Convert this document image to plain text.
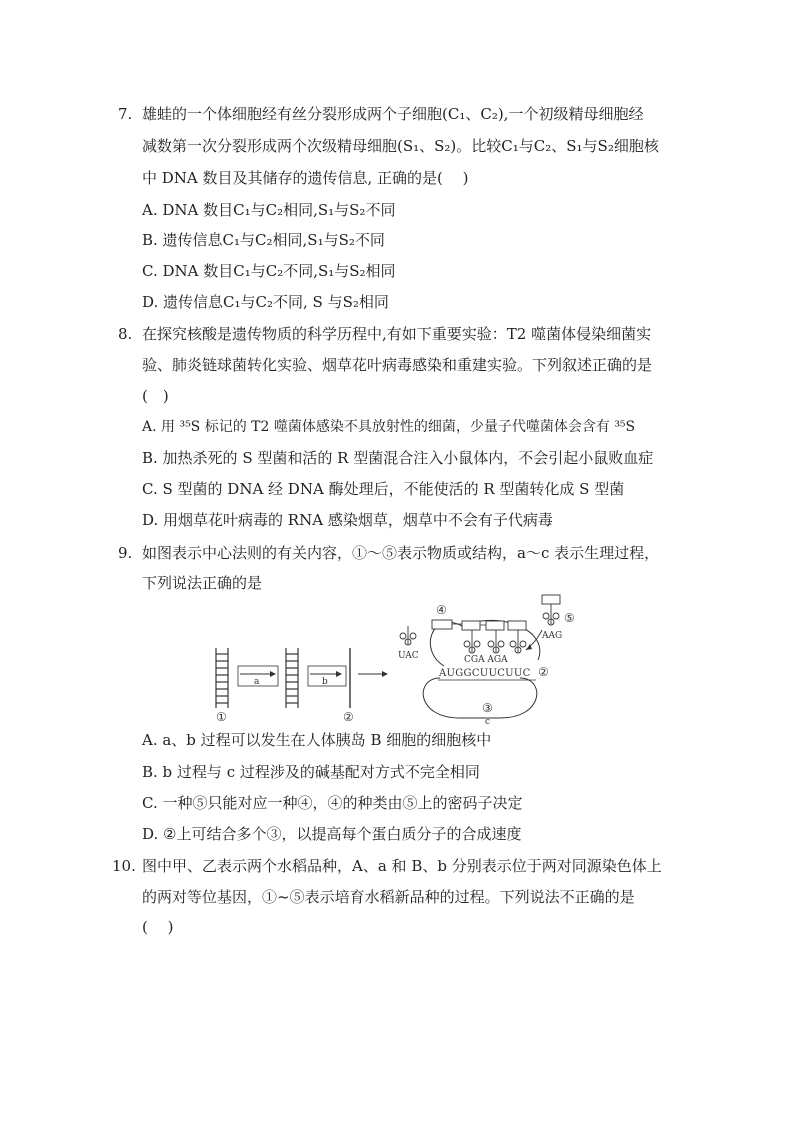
7. 雄蛙的一个体细胞经有丝分裂形成两个子细胞(C₁、C₂),一个初级精母细胞经
减数第一次分裂形成两个次级精母细胞(S₁、S₂)。比较C₁与C₂、S₁与S₂细胞核
中 DNA 数目及其储存的遗传信息, 正确的是(　 )
A. DNA 数目C₁与C₂相同,S₁与S₂不同
B. 遗传信息C₁与C₂相同,S₁与S₂不同
C. DNA 数目C₁与C₂不同,S₁与S₂相同
D. 遗传信息C₁与C₂不同, S 与S₂相同
8. 在探究核酸是遗传物质的科学历程中,有如下重要实验：T2 噬菌体侵染细菌实
验、肺炎链球菌转化实验、烟草花叶病毒感染和重建实验。下列叙述正确的是
(　)
A. 用 ³⁵S 标记的 T2 噬菌体感染不具放射性的细菌，少量子代噬菌体会含有 ³⁵S
B. 加热杀死的 S 型菌和活的 R 型菌混合注入小鼠体内，不会引起小鼠败血症
C. S 型菌的 DNA 经 DNA 酶处理后，不能使活的 R 型菌转化成 S 型菌
D. 用烟草花叶病毒的 RNA 感染烟草，烟草中不会有子代病毒
9. 如图表示中心法则的有关内容，①～⑤表示物质或结构，a～c 表示生理过程，
下列说法正确的是
①
a	b
②
③
AUGGCUUCUUC ②
CGA AGA
④
UAC
AAG
⑤
c
A. a、b 过程可以发生在人体胰岛 B 细胞的细胞核中
B. b 过程与 c 过程涉及的碱基配对方式不完全相同
C. 一种⑤只能对应一种④，④的种类由⑤上的密码子决定
D. ②上可结合多个③，以提高每个蛋白质分子的合成速度
10. 图中甲、乙表示两个水稻品种，A、a 和 B、b 分别表示位于两对同源染色体上
的两对等位基因，①~⑤表示培育水稻新品种的过程。下列说法不正确的是
(　 )
